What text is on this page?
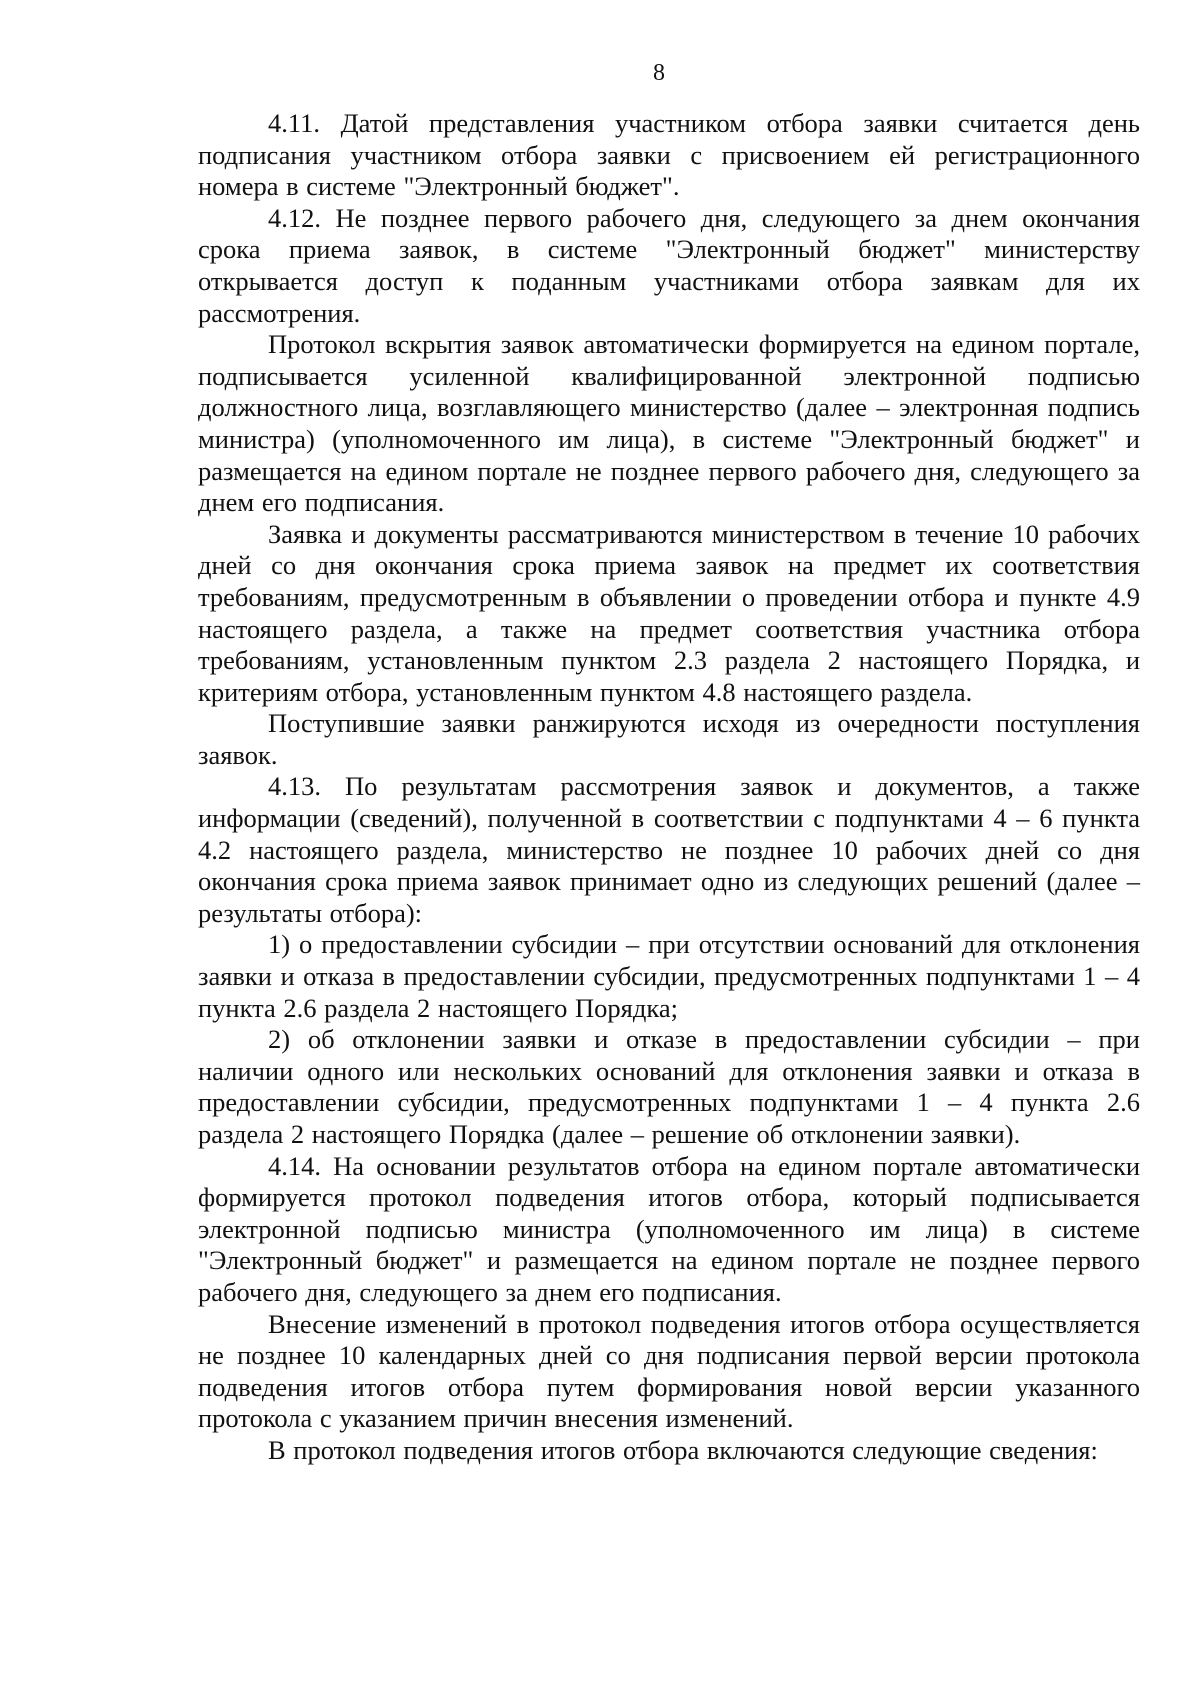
8

4.11. Датой представления участником отбора заявки считается день подписания участником отбора заявки с присвоением ей регистрационного номера в системе "Электронный бюджет".

4.12. Не позднее первого рабочего дня, следующего за днем окончания срока приема заявок, в системе "Электронный бюджет" министерству открывается доступ к поданным участниками отбора заявкам для их рассмотрения.

Протокол вскрытия заявок автоматически формируется на едином портале, подписывается усиленной квалифицированной электронной подписью должностного лица, возглавляющего министерство (далее – электронная подпись министра) (уполномоченного им лица), в системе "Электронный бюджет" и размещается на едином портале не позднее первого рабочего дня, следующего за днем его подписания.

Заявка и документы рассматриваются министерством в течение 10 рабочих дней со дня окончания срока приема заявок на предмет их соответствия требованиям, предусмотренным в объявлении о проведении отбора и пункте 4.9 настоящего раздела, а также на предмет соответствия участника отбора требованиям, установленным пунктом 2.3 раздела 2 настоящего Порядка, и критериям отбора, установленным пунктом 4.8 настоящего раздела.

Поступившие заявки ранжируются исходя из очередности поступления заявок.

4.13. По результатам рассмотрения заявок и документов, а также информации (сведений), полученной в соответствии с подпунктами 4 – 6 пункта 4.2 настоящего раздела, министерство не позднее 10 рабочих дней со дня окончания срока приема заявок принимает одно из следующих решений (далее – результаты отбора):

1) о предоставлении субсидии – при отсутствии оснований для отклонения заявки и отказа в предоставлении субсидии, предусмотренных подпунктами 1 – 4 пункта 2.6 раздела 2 настоящего Порядка;

2) об отклонении заявки и отказе в предоставлении субсидии – при наличии одного или нескольких оснований для отклонения заявки и отказа в предоставлении субсидии, предусмотренных подпунктами 1 – 4 пункта 2.6 раздела 2 настоящего Порядка (далее – решение об отклонении заявки).

4.14. На основании результатов отбора на едином портале автоматически формируется протокол подведения итогов отбора, который подписывается электронной подписью министра (уполномоченного им лица) в системе "Электронный бюджет" и размещается на едином портале не позднее первого рабочего дня, следующего за днем его подписания.

Внесение изменений в протокол подведения итогов отбора осуществляется не позднее 10 календарных дней со дня подписания первой версии протокола подведения итогов отбора путем формирования новой версии указанного протокола с указанием причин внесения изменений.

В протокол подведения итогов отбора включаются следующие сведения:
